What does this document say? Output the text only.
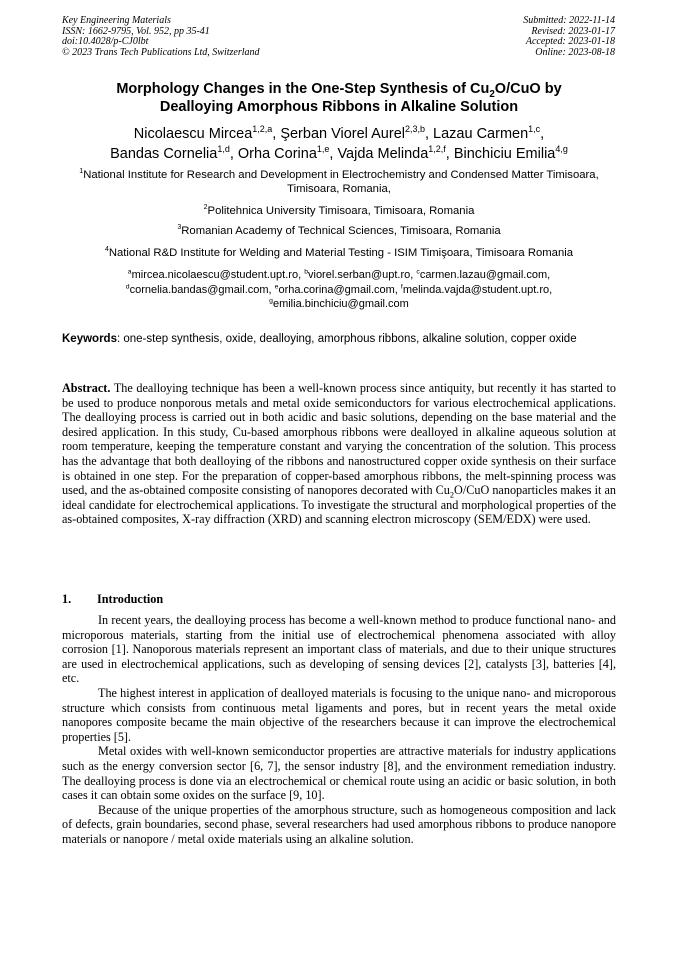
Key Engineering Materials
ISSN: 1662-9795, Vol. 952, pp 35-41
doi:10.4028/p-CJ0lbt
© 2023 Trans Tech Publications Ltd, Switzerland
Submitted: 2022-11-14
Revised: 2023-01-17
Accepted: 2023-01-18
Online: 2023-08-18
Morphology Changes in the One-Step Synthesis of $Cu_2O$/CuO by
Dealloying Amorphous Ribbons in Alkaline Solution
Nicolaescu Mircea$^{1,2,a}$, Şerban Viorel Aurel$^{2,3,b}$, Lazau Carmen$^{1,c}$,
Bandas Cornelia$^{1,d}$, Orha Corina$^{1,e}$, Vajda Melinda$^{1,2,f}$, Binchiciu Emilia$^{4,g}$
$^1$National Institute for Research and Development in Electrochemistry and Condensed Matter Timisoara, Timisoara, Romania,
$^2$Politehnica University Timisoara, Timisoara, Romania
$^3$Romanian Academy of Technical Sciences, Timisoara, Romania
$^4$National R&D Institute for Welding and Material Testing - ISIM Timişoara, Timisoara Romania
$^a$mircea.nicolaescu@student.upt.ro, $^b$viorel.serban@upt.ro, $^c$carmen.lazau@gmail.com,
$^d$cornelia.bandas@gmail.com, $^e$orha.corina@gmail.com, $^f$melinda.vajda@student.upt.ro,
$^g$emilia.binchiciu@gmail.com
Keywords: one-step synthesis, oxide, dealloying, amorphous ribbons, alkaline solution, copper oxide
Abstract. The dealloying technique has been a well-known process since antiquity, but recently it has started to be used to produce nonporous metals and metal oxide semiconductors for various electrochemical applications. The dealloying process is carried out in both acidic and basic solutions, depending on the base material and the desired application. In this study, Cu-based amorphous ribbons were dealloyed in alkaline aqueous solution at room temperature, keeping the temperature constant and varying the concentration of the solution. This process has the advantage that both dealloying of the ribbons and nanostructured copper oxide synthesis on their surface is obtained in one step. For the preparation of copper-based amorphous ribbons, the melt-spinning process was used, and the as-obtained composite consisting of nanopores decorated with $Cu_2O$/CuO nanoparticles makes it an ideal candidate for electrochemical applications. To investigate the structural and morphological properties of the as-obtained composites, X-ray diffraction (XRD) and scanning electron microscopy (SEM/EDX) were used.
1. Introduction

In recent years, the dealloying process has become a well-known method to produce functional nano- and microporous materials, starting from the initial use of electrochemical phenomena associated with alloy corrosion [1]. Nanoporous materials represent an important class of materials, and due to their unique structures are used in electrochemical applications, such as developing of sensing devices [2], catalysts [3], batteries [4], etc.

The highest interest in application of dealloyed materials is focusing to the unique nano- and microporous structure which consists from continuous metal ligaments and pores, but in recent years the metal oxide nanopores composite became the main objective of the researchers because it can improve the electrochemical properties [5].

Metal oxides with well-known semiconductor properties are attractive materials for industry applications such as the energy conversion sector [6, 7], the sensor industry [8], and the environment remediation industry. The dealloying process is done via an electrochemical or chemical route using an acidic or basic solution, in both cases it can obtain some oxides on the surface [9, 10].

Because of the unique properties of the amorphous structure, such as homogeneous composition and lack of defects, grain boundaries, second phase, several researchers had used amorphous ribbons to produce nanopore materials or nanopore / metal oxide materials using an alkaline solution.
